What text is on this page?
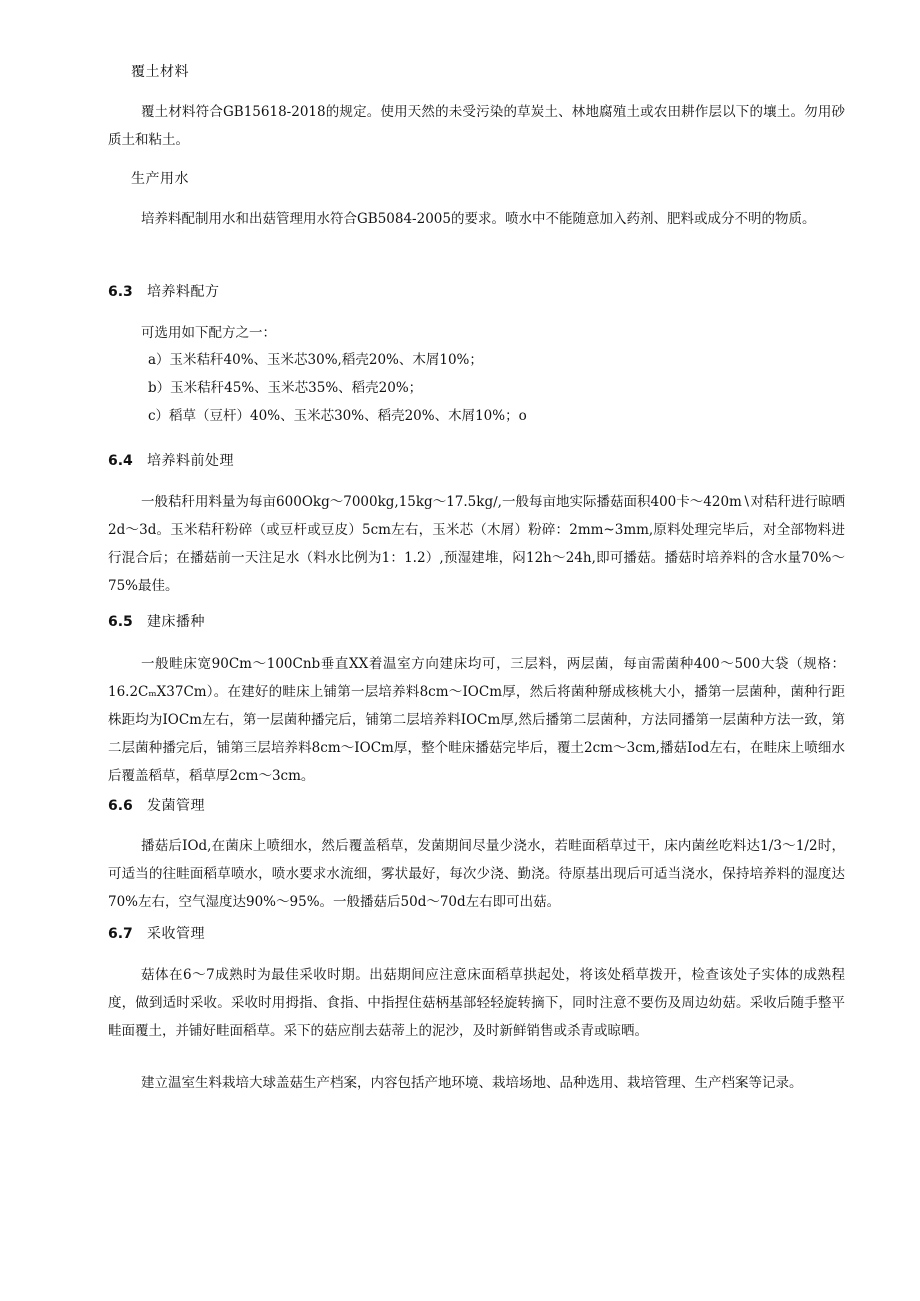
覆土材料

覆土材料符合GB15618-2018的规定。使用天然的未受污染的草炭土、林地腐殖土或农田耕作层以下的壤土。勿用砂质土和粘土。

生产用水

培养料配制用水和出菇管理用水符合GB5084-2005的要求。喷水中不能随意加入药剂、肥料或成分不明的物质。

6.3 培养料配方

可选用如下配方之一：

a）玉米秸秆40%、玉米芯30%,稻壳20%、木屑10%；

b）玉米秸秆45%、玉米芯35%、稻壳20%；

c）稻草（豆杆）40%、玉米芯30%、稻壳20%、木屑10%；o

6.4 培养料前处理

一般秸秆用料量为每亩600Okg～7000kg,15kg～17.5kg∕,一般每亩地实际播菇面积400卡～420m∖对秸秆进行晾晒2d～3d。玉米秸秆粉碎（或豆杆或豆皮）5cm左右，玉米芯（木屑）粉碎：2mm~3mm,原料处理完毕后，对全部物料进行混合后；在播菇前一天注足水（料水比例为1：1.2）,预湿建堆，闷12h～24h,即可播菇。播菇时培养料的含水量70%～75%最佳。

6.5 建床播种

一般畦床宽90Cm～100Cnb垂直XX着温室方向建床均可，三层料，两层菌，每亩需菌种400～500大袋（规格：16.2CₘX37Cm）。在建好的畦床上铺第一层培养料8cm～IOCm厚，然后将菌种掰成核桃大小，播第一层菌种，菌种行距株距均为IOCm左右，第一层菌种播完后，铺第二层培养料IOCm厚,然后播第二层菌种，方法同播第一层菌种方法一致，第二层菌种播完后，铺第三层培养料8cm～IOCm厚，整个畦床播菇完毕后，覆土2cm～3cm,播菇Iod左右，在畦床上喷细水后覆盖稻草，稻草厚2cm～3cm。

6.6 发菌管理

播菇后IOd,在菌床上喷细水，然后覆盖稻草，发菌期间尽量少浇水，若畦面稻草过干，床内菌丝吃料达1/3～1/2时，可适当的往畦面稻草喷水，喷水要求水流细，雾状最好，每次少浇、勤浇。待原基出现后可适当浇水，保持培养料的湿度达70%左右，空气湿度达90%～95%。一般播菇后50d～70d左右即可出菇。

6.7 采收管理

菇体在6～7成熟时为最佳采收时期。出菇期间应注意床面稻草拱起处，将该处稻草拨开，检查该处子实体的成熟程度，做到适时采收。采收时用拇指、食指、中指捏住菇柄基部轻轻旋转摘下，同时注意不要伤及周边幼菇。采收后随手整平畦面覆土，并铺好畦面稻草。采下的菇应削去菇蒂上的泥沙，及时新鲜销售或杀青或晾晒。

建立温室生料栽培大球盖菇生产档案，内容包括产地环境、栽培场地、品种选用、栽培管理、生产档案等记录。
